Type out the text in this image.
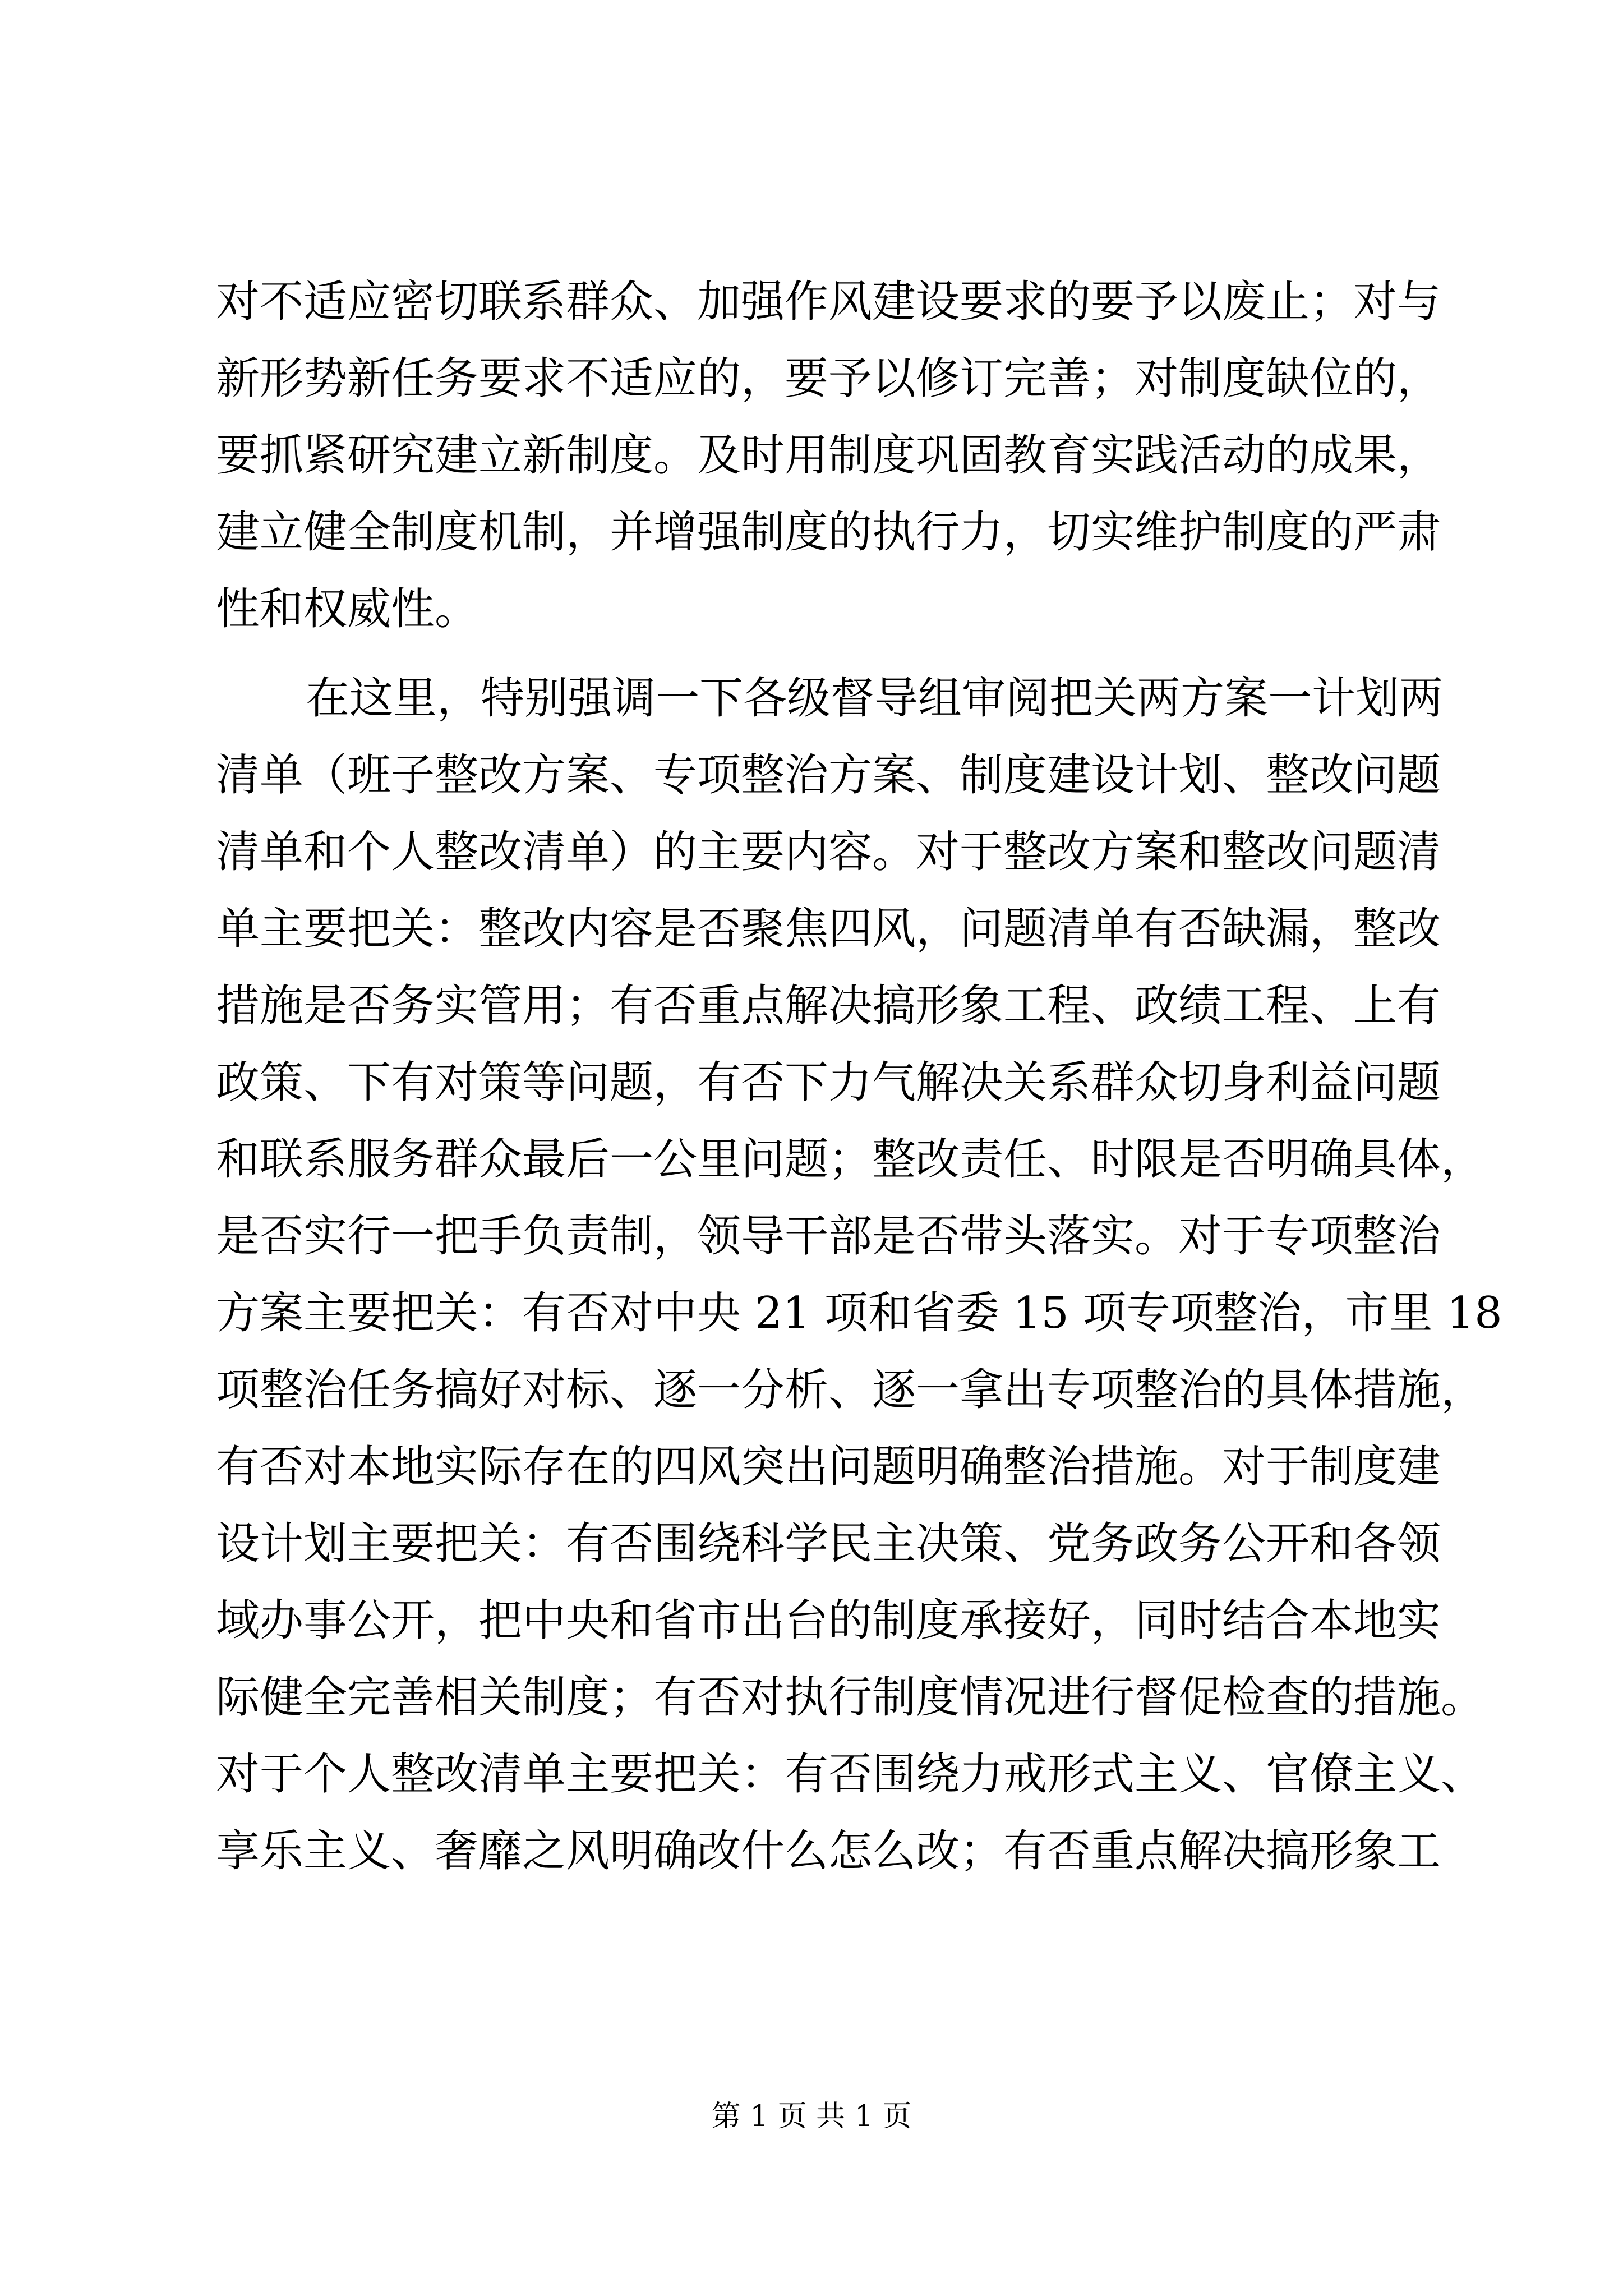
对不适应密切联系群众、加强作风建设要求的要予以废止；对与
新形势新任务要求不适应的，要予以修订完善；对制度缺位的，
要抓紧研究建立新制度。及时用制度巩固教育实践活动的成果，
建立健全制度机制，并增强制度的执行力，切实维护制度的严肃
性和权威性。
在这里，特别强调一下各级督导组审阅把关两方案一计划两
清单（班子整改方案、专项整治方案、制度建设计划、整改问题
清单和个人整改清单）的主要内容。对于整改方案和整改问题清
单主要把关：整改内容是否聚焦四风，问题清单有否缺漏，整改
措施是否务实管用；有否重点解决搞形象工程、政绩工程、上有
政策、下有对策等问题，有否下力气解决关系群众切身利益问题
和联系服务群众最后一公里问题；整改责任、时限是否明确具体，
是否实行一把手负责制，领导干部是否带头落实。对于专项整治
方案主要把关：有否对中央 21 项和省委 15 项专项整治，市里 18
项整治任务搞好对标、逐一分析、逐一拿出专项整治的具体措施，
有否对本地实际存在的四风突出问题明确整治措施。对于制度建
设计划主要把关：有否围绕科学民主决策、党务政务公开和各领
域办事公开，把中央和省市出台的制度承接好，同时结合本地实
际健全完善相关制度；有否对执行制度情况进行督促检查的措施。
对于个人整改清单主要把关：有否围绕力戒形式主义、官僚主义、
享乐主义、奢靡之风明确改什么怎么改；有否重点解决搞形象工
第 1 页 共 1 页
